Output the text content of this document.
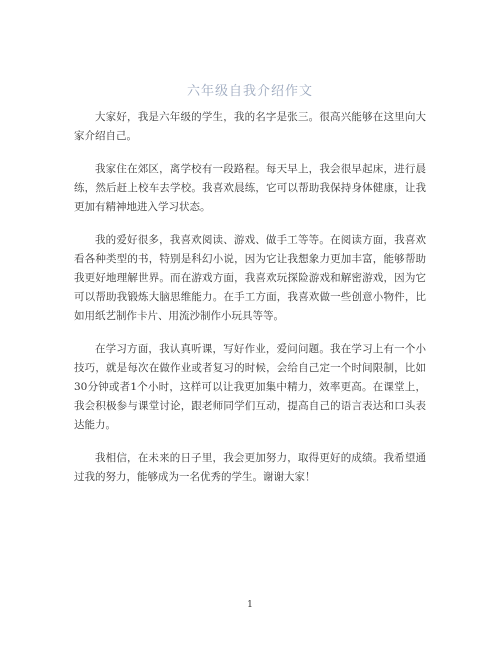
六年级自我介绍作文

大家好，我是六年级的学生，我的名字是张三。很高兴能够在这里向大家介绍自己。

我家住在郊区，离学校有一段路程。每天早上，我会很早起床，进行晨练，然后赶上校车去学校。我喜欢晨练，它可以帮助我保持身体健康，让我更加有精神地进入学习状态。

我的爱好很多，我喜欢阅读、游戏、做手工等等。在阅读方面，我喜欢看各种类型的书，特别是科幻小说，因为它让我想象力更加丰富，能够帮助我更好地理解世界。而在游戏方面，我喜欢玩探险游戏和解密游戏，因为它可以帮助我锻炼大脑思维能力。在手工方面，我喜欢做一些创意小物件，比如用纸艺制作卡片、用流沙制作小玩具等等。

在学习方面，我认真听课，写好作业，爱问问题。我在学习上有一个小技巧，就是每次在做作业或者复习的时候，会给自己定一个时间限制，比如30分钟或者1个小时，这样可以让我更加集中精力，效率更高。在课堂上，我会积极参与课堂讨论，跟老师同学们互动，提高自己的语言表达和口头表达能力。

我相信，在未来的日子里，我会更加努力，取得更好的成绩。我希望通过我的努力，能够成为一名优秀的学生。谢谢大家！

1
